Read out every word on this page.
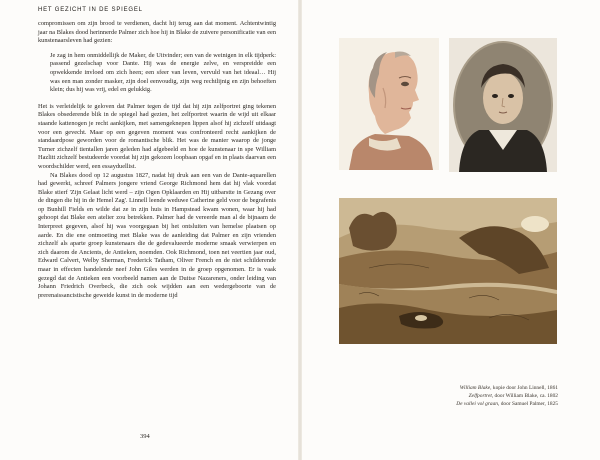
HET GEZICHT IN DE SPIEGEL

compromissen om zijn brood te verdienen, dacht hij terug aan dat moment. Achtentwintig jaar na Blakes dood herinnerde Palmer zich hoe hij in Blake de zuivere personificatie van een kunstenaarsleven had gezien:

Je zag in hem onmiddellijk de Maker, de Uitvinder; een van de weinigen in elk tijdperk: passend gezelschap voor Dante. Hij was de energie zelve, en verspreidde een opwekkende invloed om zich heen; een sfeer van leven, vervuld van het ideaal… Hij was een man zonder masker, zijn doel eenvoudig, zijn weg rechtlijnig en zijn behoeften klein; dus hij was vrij, edel en gelukkig.

Het is verleidelijk te geloven dat Palmer tegen de tijd dat hij zijn zelfportret ging tekenen Blakes obsederende blik in de spiegel had gezien, het zelfportret waarin de wijd uit elkaar staande kattenogen je recht aankijken, met samengeknepen lippen alsof hij zichzelf uitdaagt voor een gevecht. Maar op een gegeven moment was confronteerd recht aankijken de standaardpose geworden voor de romantische blik. Het was de manier waarop de jonge Turner zichzelf tientallen jaren geleden had afgebeeld en hoe de kunstenaar in spe William Hazlitt zichzelf bestudeerde voordat hij zijn gekozen loopbaan opgaf en in plaats daarvan een woordschilder werd, een essayduellist.

Na Blakes dood op 12 augustus 1827, nadat hij druk aan een van de Dante-aquarellen had gewerkt, schreef Palmers jongere vriend George Richmond hem dat hij vlak voordat Blake stierf 'Zijn Gelaat licht werd – zijn Ogen Opklaarden en Hij uitbarstte in Gezang over de dingen die hij in de Hemel Zag'. Linnell leende weduwe Catherine geld voor de begrafenis op Bunhill Fields en wilde dat ze in zijn huis in Hampstead kwam wonen, waar hij had gehoopt dat Blake een atelier zou betrekken. Palmer had de vereerde man al de bijnaam de Interpreet gegeven, alsof hij was voorgegaan bij het ontsluiten van hemelse plaatsen op aarde. En die ene ontmoeting met Blake was de aanleiding dat Palmer en zijn vrienden zichzelf als aparte groep kunstenaars die de gedevalueerde moderne smaak verwierpen en zich daarom de Ancients, de Antieken, noemden. Ook Richmond, toen net veertien jaar oud, Edward Calvert, Welby Sherman, Frederick Tatham, Oliver French en de niet schilderende maar in effecten handelende neef John Giles werden in de groep opgenomen. Er is vaak gezegd dat de Antieken een voorbeeld namen aan de Duitse Nazareners, onder leiding van Johann Friedrich Overbeck, die zich ook wijdden aan een wedergeboorte van de prerenaissancistische geweide kunst in de moderne tijd

394
William Blake, kopie door John Linnell, 1861
Zelfportret, door William Blake, ca. 1802
De vallei vol graan, door Samuel Palmer, 1825
